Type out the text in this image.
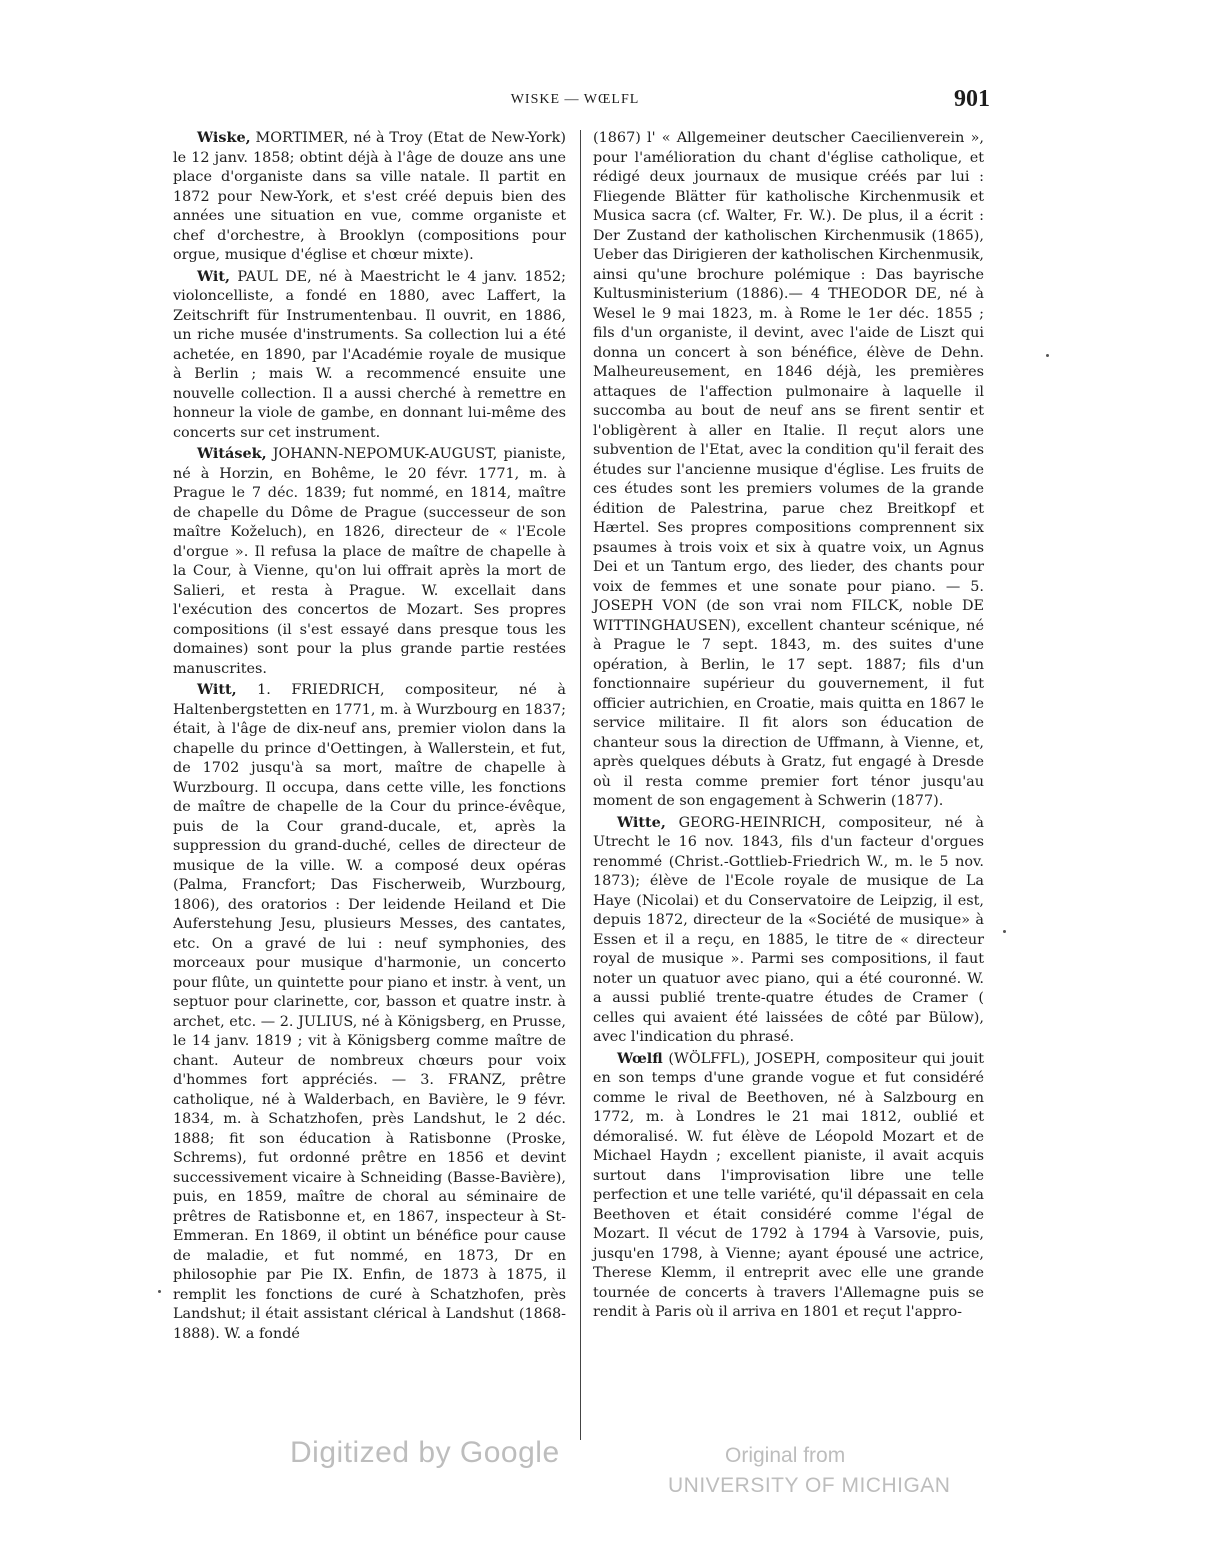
WISKE — WŒLFL	901

Wiske, MORTIMER, né à Troy (Etat de New-York) le 12 janv. 1858; obtint déjà à l'âge de douze ans une place d'organiste dans sa ville natale. Il partit en 1872 pour New-York, et s'est créé depuis bien des années une situation en vue, comme organiste et chef d'orchestre, à Brooklyn (compositions pour orgue, musique d'église et chœur mixte).

Wit, PAUL DE, né à Maestricht le 4 janv. 1852; violoncelliste, a fondé en 1880, avec Laffert, la Zeitschrift für Instrumentenbau. Il ouvrit, en 1886, un riche musée d'instruments. Sa collection lui a été achetée, en 1890, par l'Académie royale de musique à Berlin ; mais W. a recommencé ensuite une nouvelle collection. Il a aussi cherché à remettre en honneur la viole de gambe, en donnant lui-même des concerts sur cet instrument.

Witásek, JOHANN-NEPOMUK-AUGUST, pianiste, né à Horzin, en Bohême, le 20 févr. 1771, m. à Prague le 7 déc. 1839; fut nommé, en 1814, maître de chapelle du Dôme de Prague (successeur de son maître Koželuch), en 1826, directeur de « l'Ecole d'orgue ». Il refusa la place de maître de chapelle à la Cour, à Vienne, qu'on lui offrait après la mort de Salieri, et resta à Prague. W. excellait dans l'exécution des concertos de Mozart. Ses propres compositions (il s'est essayé dans presque tous les domaines) sont pour la plus grande partie restées manuscrites.

Witt, 1. FRIEDRICH, compositeur, né à Haltenbergstetten en 1771, m. à Wurzbourg en 1837; était, à l'âge de dix-neuf ans, premier violon dans la chapelle du prince d'Oettingen, à Wallerstein, et fut, de 1702 jusqu'à sa mort, maître de chapelle à Wurzbourg. Il occupa, dans cette ville, les fonctions de maître de chapelle de la Cour du prince-évêque, puis de la Cour grand-ducale, et, après la suppression du grand-duché, celles de directeur de musique de la ville. W. a composé deux opéras (Palma, Francfort; Das Fischerweib, Wurzbourg, 1806), des oratorios : Der leidende Heiland et Die Auferstehung Jesu, plusieurs Messes, des cantates, etc. On a gravé de lui : neuf symphonies, des morceaux pour musique d'harmonie, un concerto pour flûte, un quintette pour piano et instr. à vent, un septuor pour clarinette, cor, basson et quatre instr. à archet, etc. — 2. JULIUS, né à Königsberg, en Prusse, le 14 janv. 1819 ; vit à Königsberg comme maître de chant. Auteur de nombreux chœurs pour voix d'hommes fort appréciés. — 3. FRANZ, prêtre catholique, né à Walderbach, en Bavière, le 9 févr. 1834, m. à Schatzhofen, près Landshut, le 2 déc. 1888; fit son éducation à Ratisbonne (Proske, Schrems), fut ordonné prêtre en 1856 et devint successivement vicaire à Schneiding (Basse-Bavière), puis, en 1859, maître de choral au séminaire de prêtres de Ratisbonne et, en 1867, inspecteur à St-Emmeran. En 1869, il obtint un bénéfice pour cause de maladie, et fut nommé, en 1873, Dr en philosophie par Pie IX. Enfin, de 1873 à 1875, il remplit les fonctions de curé à Schatzhofen, près Landshut; il était assistant clérical à Landshut (1868-1888). W. a fondé

(1867) l' « Allgemeiner deutscher Caecilienverein », pour l'amélioration du chant d'église catholique, et rédigé deux journaux de musique créés par lui : Fliegende Blätter für katholische Kirchenmusik et Musica sacra (cf. Walter, Fr. W.). De plus, il a écrit : Der Zustand der katholischen Kirchenmusik (1865), Ueber das Dirigieren der katholischen Kirchenmusik, ainsi qu'une brochure polémique : Das bayrische Kultusministerium (1886).— 4 THEODOR DE, né à Wesel le 9 mai 1823, m. à Rome le 1er déc. 1855 ; fils d'un organiste, il devint, avec l'aide de Liszt qui donna un concert à son bénéfice, élève de Dehn. Malheureusement, en 1846 déjà, les premières attaques de l'affection pulmonaire à laquelle il succomba au bout de neuf ans se firent sentir et l'obligèrent à aller en Italie. Il reçut alors une subvention de l'Etat, avec la condition qu'il ferait des études sur l'ancienne musique d'église. Les fruits de ces études sont les premiers volumes de la grande édition de Palestrina, parue chez Breitkopf et Hærtel. Ses propres compositions comprennent six psaumes à trois voix et six à quatre voix, un Agnus Dei et un Tantum ergo, des lieder, des chants pour voix de femmes et une sonate pour piano. — 5. JOSEPH VON (de son vrai nom FILCK, noble DE WITTINGHAUSEN), excellent chanteur scénique, né à Prague le 7 sept. 1843, m. des suites d'une opération, à Berlin, le 17 sept. 1887; fils d'un fonctionnaire supérieur du gouvernement, il fut officier autrichien, en Croatie, mais quitta en 1867 le service militaire. Il fit alors son éducation de chanteur sous la direction de Uffmann, à Vienne, et, après quelques débuts à Gratz, fut engagé à Dresde où il resta comme premier fort ténor jusqu'au moment de son engagement à Schwerin (1877).

Witte, GEORG-HEINRICH, compositeur, né à Utrecht le 16 nov. 1843, fils d'un facteur d'orgues renommé (Christ.-Gottlieb-Friedrich W., m. le 5 nov. 1873); élève de l'Ecole royale de musique de La Haye (Nicolai) et du Conservatoire de Leipzig, il est, depuis 1872, directeur de la «Société de musique» à Essen et il a reçu, en 1885, le titre de « directeur royal de musique ». Parmi ses compositions, il faut noter un quatuor avec piano, qui a été couronné. W. a aussi publié trente-quatre études de Cramer ( celles qui avaient été laissées de côté par Bülow), avec l'indication du phrasé.

Wœlfl (WÖLFFL), JOSEPH, compositeur qui jouit en son temps d'une grande vogue et fut considéré comme le rival de Beethoven, né à Salzbourg en 1772, m. à Londres le 21 mai 1812, oublié et démoralisé. W. fut élève de Léopold Mozart et de Michael Haydn ; excellent pianiste, il avait acquis surtout dans l'improvisation libre une telle perfection et une telle variété, qu'il dépassait en cela Beethoven et était considéré comme l'égal de Mozart. Il vécut de 1792 à 1794 à Varsovie, puis, jusqu'en 1798, à Vienne; ayant épousé une actrice, Therese Klemm, il entreprit avec elle une grande tournée de concerts à travers l'Allemagne puis se rendit à Paris où il arriva en 1801 et reçut l'appro-

Digitized by Google	Original from
UNIVERSITY OF MICHIGAN
